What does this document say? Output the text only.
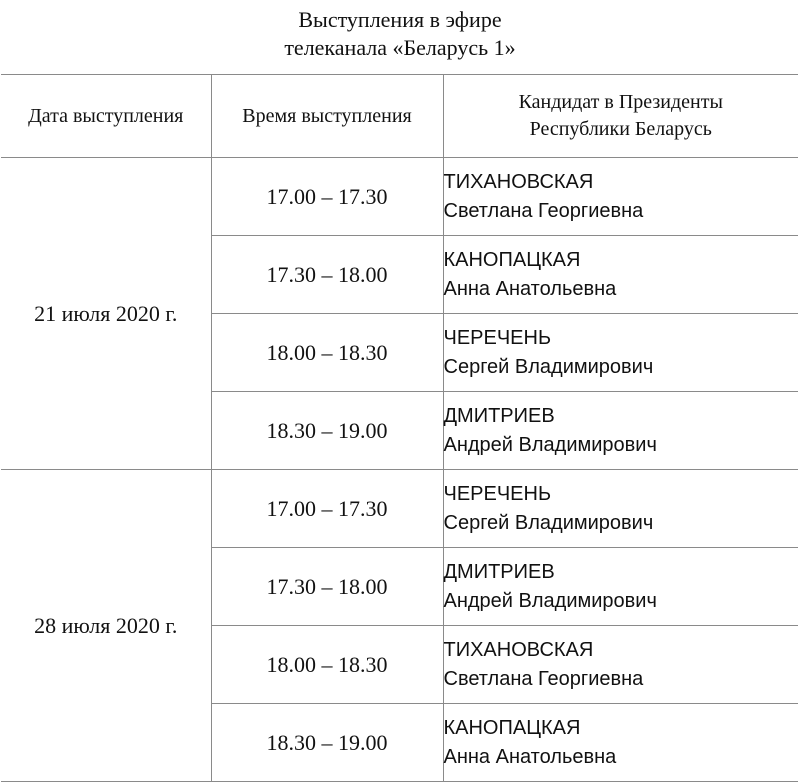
Выступления в эфире
телеканала «Беларусь 1»
Дата выступления	Время выступления	Кандидат в Президенты
Республики Беларусь

21 июля 2020 г.	17.00 – 17.30	ТИХАНОВСКАЯ
Светлана Георгиевна

	17.30 – 18.00	КАНОПАЦКАЯ
Анна Анатольевна

	18.00 – 18.30	ЧЕРЕЧЕНЬ
Сергей Владимирович

	18.30 – 19.00	ДМИТРИЕВ
Андрей Владимирович

28 июля 2020 г.	17.00 – 17.30	ЧЕРЕЧЕНЬ
Сергей Владимирович

	17.30 – 18.00	ДМИТРИЕВ
Андрей Владимирович

	18.00 – 18.30	ТИХАНОВСКАЯ
Светлана Георгиевна

	18.30 – 19.00	КАНОПАЦКАЯ
Анна Анатольевна
